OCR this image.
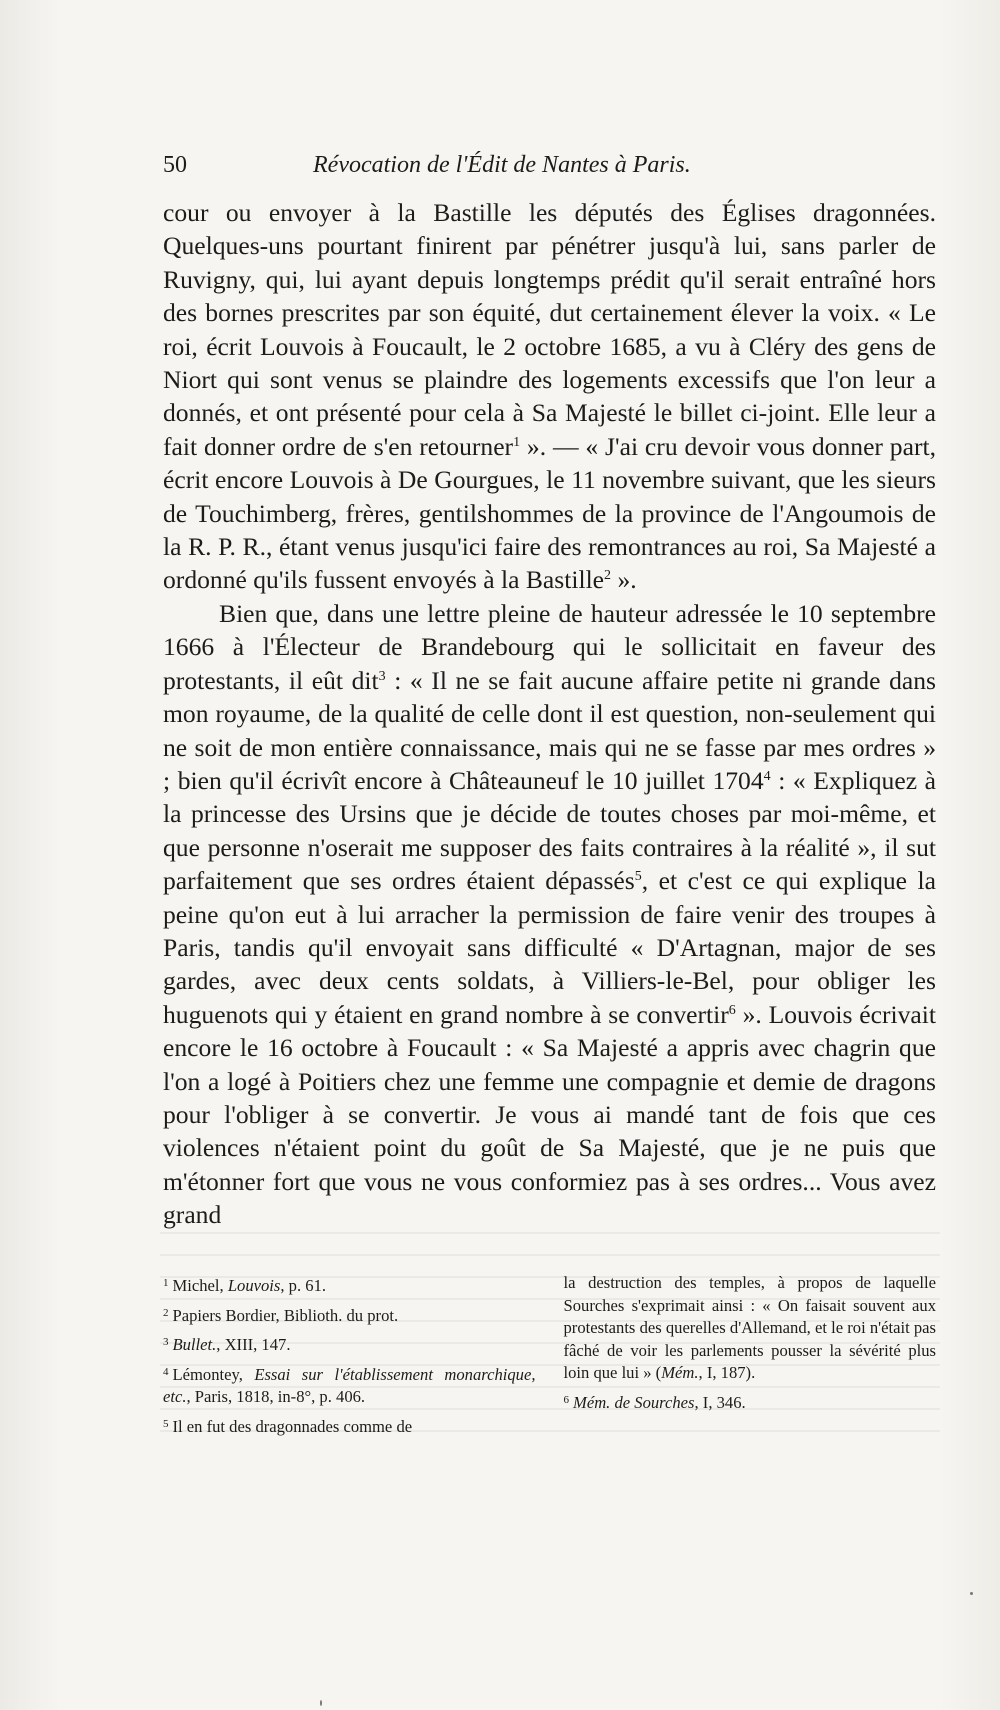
50	Révocation de l'Édit de Nantes à Paris.

cour ou envoyer à la Bastille les députés des Églises dragonnées. Quelques-uns pourtant finirent par pénétrer jusqu'à lui, sans parler de Ruvigny, qui, lui ayant depuis longtemps prédit qu'il serait entraîné hors des bornes prescrites par son équité, dut certainement élever la voix. « Le roi, écrit Louvois à Foucault, le 2 octobre 1685, a vu à Cléry des gens de Niort qui sont venus se plaindre des logements excessifs que l'on leur a donnés, et ont présenté pour cela à Sa Majesté le billet ci-joint. Elle leur a fait donner ordre de s'en retourner$^1$ ». — « J'ai cru devoir vous donner part, écrit encore Louvois à De Gourgues, le 11 novembre suivant, que les sieurs de Touchimberg, frères, gentilshommes de la province de l'Angoumois de la R. P. R., étant venus jusqu'ici faire des remontrances au roi, Sa Majesté a ordonné qu'ils fussent envoyés à la Bastille$^2$ ».

Bien que, dans une lettre pleine de hauteur adressée le 10 septembre 1666 à l'Électeur de Brandebourg qui le sollicitait en faveur des protestants, il eût dit$^3$ : « Il ne se fait aucune affaire petite ni grande dans mon royaume, de la qualité de celle dont il est question, non-seulement qui ne soit de mon entière connaissance, mais qui ne se fasse par mes ordres » ; bien qu'il écrivît encore à Châteauneuf le 10 juillet 1704$^4$ : « Expliquez à la princesse des Ursins que je décide de toutes choses par moi-même, et que personne n'oserait me supposer des faits contraires à la réalité », il sut parfaitement que ses ordres étaient dépassés$^5$, et c'est ce qui explique la peine qu'on eut à lui arracher la permission de faire venir des troupes à Paris, tandis qu'il envoyait sans difficulté « D'Artagnan, major de ses gardes, avec deux cents soldats, à Villiers-le-Bel, pour obliger les huguenots qui y étaient en grand nombre à se convertir$^6$ ». Louvois écrivait encore le 16 octobre à Foucault : « Sa Majesté a appris avec chagrin que l'on a logé à Poitiers chez une femme une compagnie et demie de dragons pour l'obliger à se convertir. Je vous ai mandé tant de fois que ces violences n'étaient point du goût de Sa Majesté, que je ne puis que m'étonner fort que vous ne vous conformiez pas à ses ordres... Vous avez grand

$^1$ Michel, Louvois, p. 61.

$^2$ Papiers Bordier, Biblioth. du prot.

$^3$ Bullet., XIII, 147.

$^4$ Lémontey, Essai sur l'établissement monarchique, etc., Paris, 1818, in-8°, p. 406.

$^5$ Il en fut des dragonnades comme de

la destruction des temples, à propos de laquelle Sourches s'exprimait ainsi : « On faisait souvent aux protestants des querelles d'Allemand, et le roi n'était pas fâché de voir les parlements pousser la sévérité plus loin que lui » (Mém., I, 187).

$^6$ Mém. de Sourches, I, 346.
